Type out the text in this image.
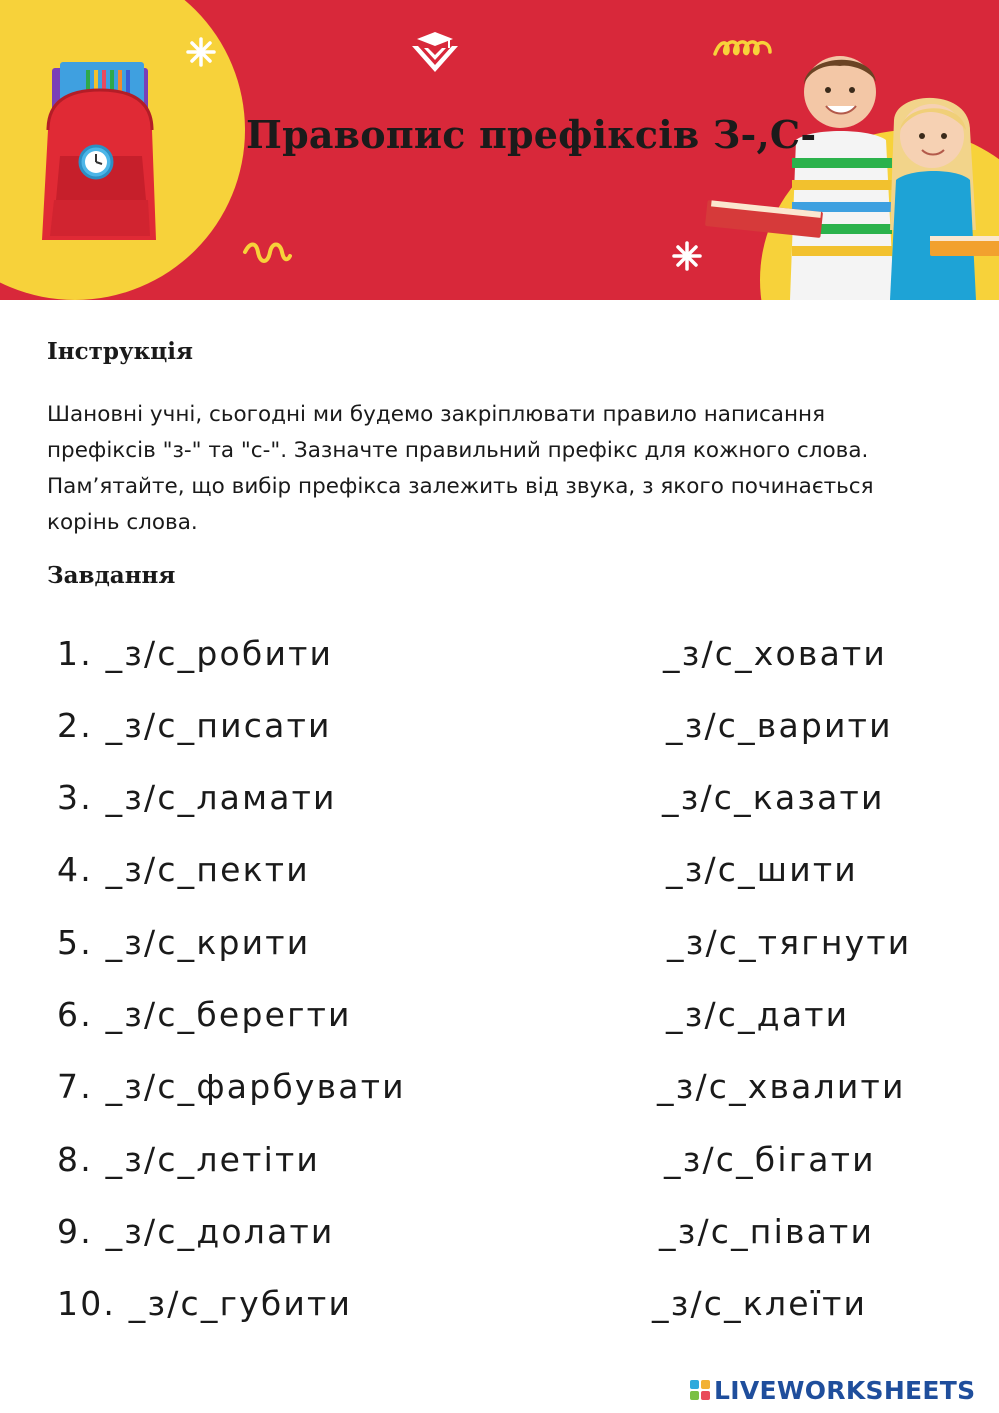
Правопис префіксів З-,С-
Інструкція
Шановні учні, сьогодні ми будемо закріплювати правило написання
префіксів "з-" та "с-". Зазначте правильний префікс для кожного слова.
Пам’ятайте, що вибір префікса залежить від звука, з якого починається
корінь слова.
Завдання
1. _з/с_робити
2. _з/с_писати
3. _з/с_ламати
4. _з/с_пекти
5. _з/с_крити
6. _з/с_берегти
7. _з/с_фарбувати
8. _з/с_летіти
9. _з/с_долати
10. _з/с_губити
_з/с_ховати
_з/с_варити
_з/с_казати
_з/с_шити
_з/с_тягнути
_з/с_дати
_з/с_хвалити
_з/с_бігати
_з/с_півати
_з/с_клеїти
LIVEWORKSHEETS
